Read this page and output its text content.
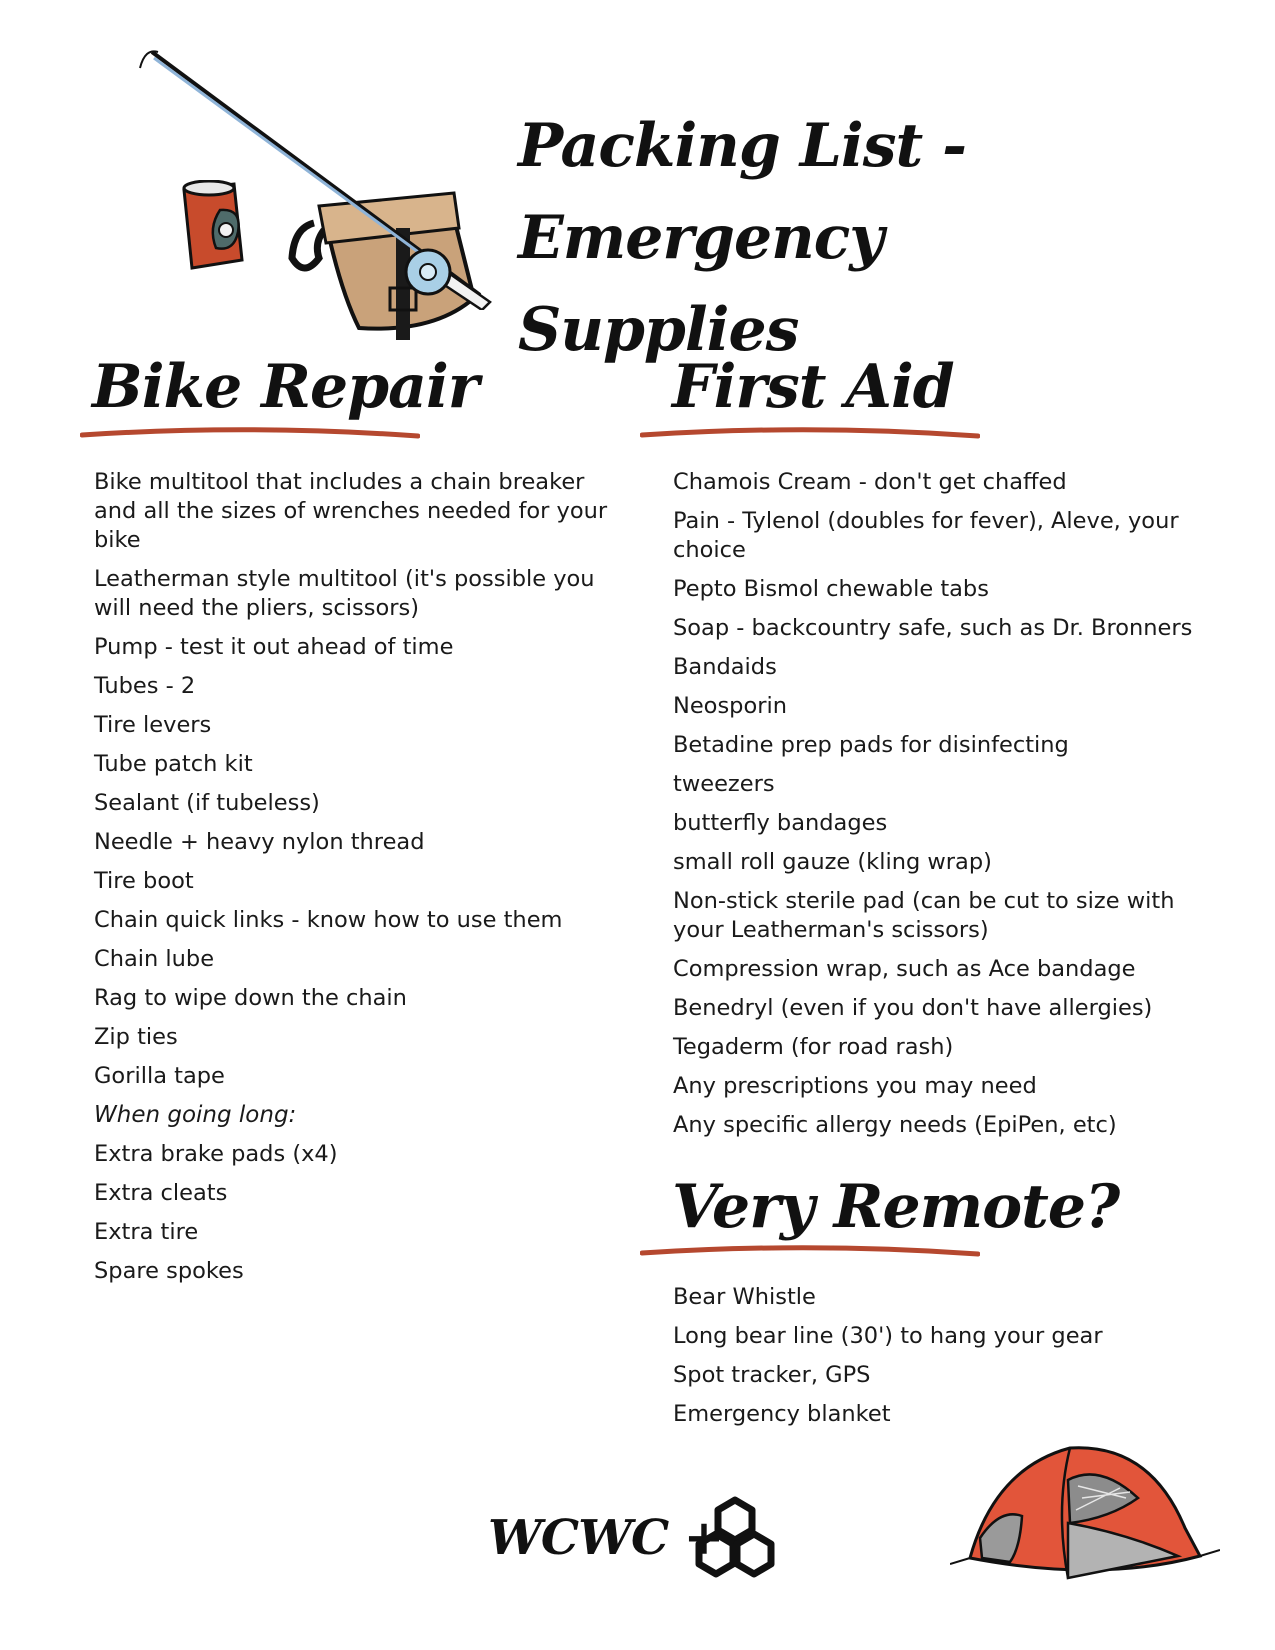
Packing List -
Emergency Supplies
Bike Repair
Bike multitool that includes a chain breaker and all the sizes of wrenches needed for your bike
Leatherman style multitool (it's possible you will need the pliers, scissors)
Pump - test it out ahead of time
Tubes - 2
Tire levers
Tube patch kit
Sealant (if tubeless)
Needle + heavy nylon thread
Tire boot
Chain quick links - know how to use them
Chain lube
Rag to wipe down the chain
Zip ties
Gorilla tape
When going long:
Extra brake pads (x4)
Extra cleats
Extra tire
Spare spokes
First Aid
Chamois Cream - don't get chaffed
Pain - Tylenol (doubles for fever), Aleve, your choice
Pepto Bismol chewable tabs
Soap - backcountry safe, such as Dr. Bronners
Bandaids
Neosporin
Betadine prep pads for disinfecting
tweezers
butterfly bandages
small roll gauze (kling wrap)
Non-stick sterile pad (can be cut to size with your Leatherman's scissors)
Compression wrap, such as Ace bandage
Benedryl (even if you don't have allergies)
Tegaderm (for road rash)
Any prescriptions you may need
Any specific allergy needs (EpiPen, etc)
Very Remote?
Bear Whistle
Long bear line (30') to hang your gear
Spot tracker, GPS
Emergency blanket
WCWC +
